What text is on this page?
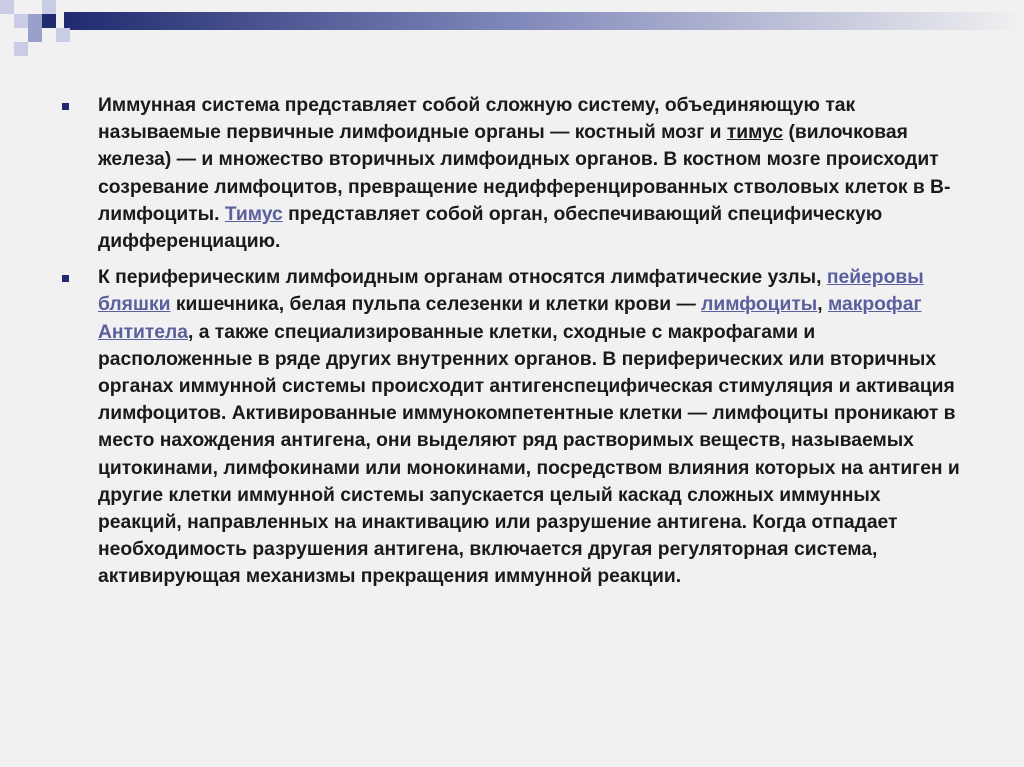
Иммунная система представляет собой сложную систему, объединяющую так называемые первичные лимфоидные органы — костный мозг и тимус (вилочковая железа) — и множество вторичных лимфоидных органов. В костном мозге происходит созревание лимфоцитов, превращение недифференцированных стволовых клеток в В-лимфоциты. Тимус представляет собой орган, обеспечивающий специфическую дифференциацию.
К периферическим лимфоидным органам относятся лимфатические узлы, пейеровы бляшки кишечника, белая пульпа селезенки и клетки крови — лимфоциты, макрофаг Антитела, а также специализированные клетки, сходные с макрофагами и расположенные в ряде других внутренних органов. В периферических или вторичных органах иммунной системы происходит антигенспецифическая стимуляция и активация лимфоцитов. Активированные иммунокомпетентные клетки — лимфоциты проникают в место нахождения антигена, они выделяют ряд растворимых веществ, называемых цитокинами, лимфокинами или монокинами, посредством влияния которых на антиген и другие клетки иммунной системы запускается целый каскад сложных иммунных реакций, направленных на инактивацию или разрушение антигена. Когда отпадает необходимость разрушения антигена, включается другая регуляторная система, активирующая механизмы прекращения иммунной реакции.
